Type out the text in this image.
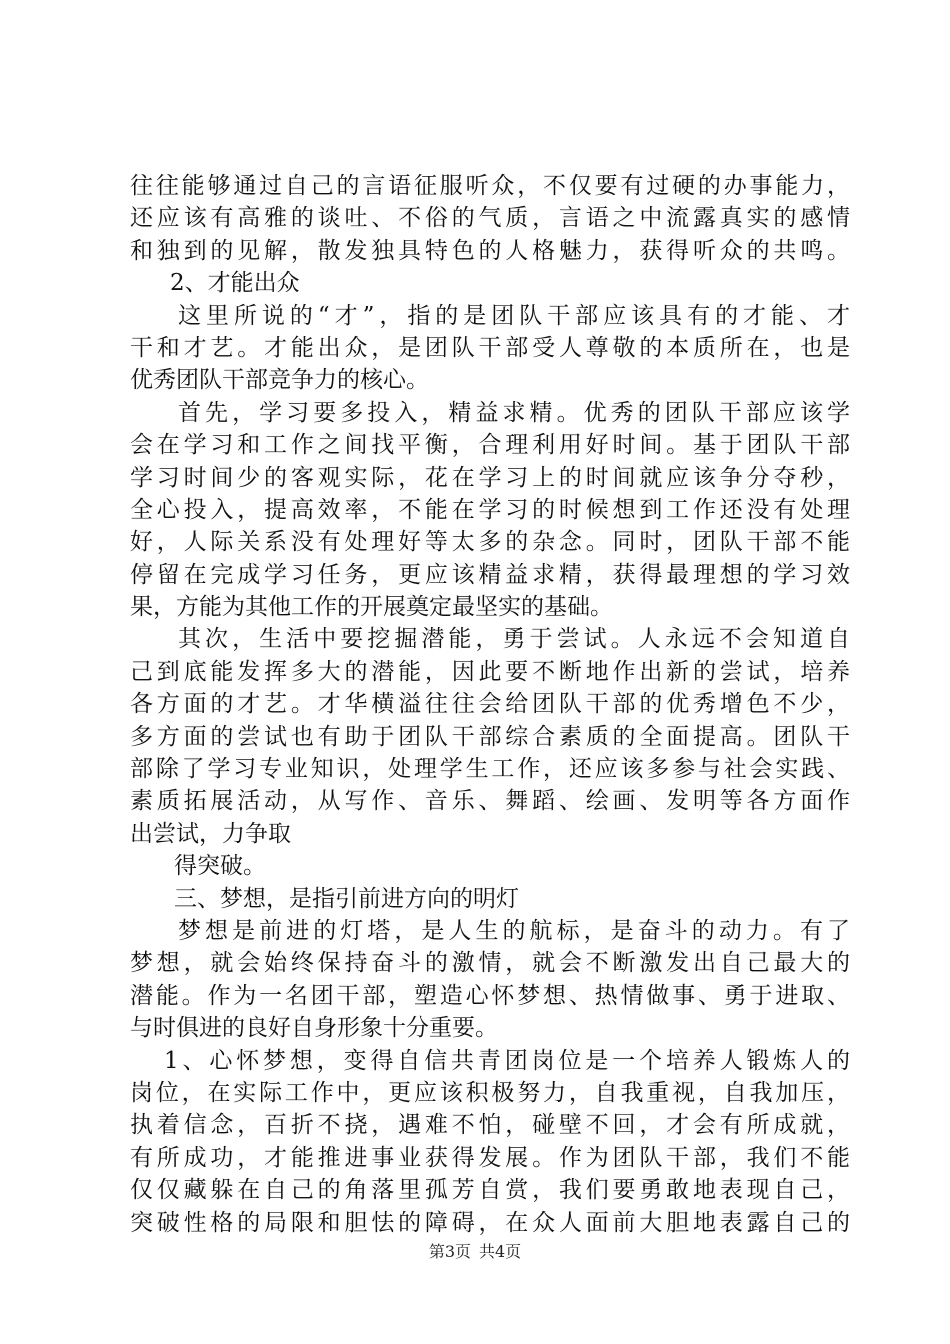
往往能够通过自己的言语征服听众，不仅要有过硬的办事能力，
还应该有高雅的谈吐、不俗的气质，言语之中流露真实的感情
和独到的见解，散发独具特色的人格魅力，获得听众的共鸣。
2、才能出众
这里所说的“才”，指的是团队干部应该具有的才能、才
干和才艺。才能出众，是团队干部受人尊敬的本质所在，也是
优秀团队干部竞争力的核心。
首先，学习要多投入，精益求精。优秀的团队干部应该学
会在学习和工作之间找平衡，合理利用好时间。基于团队干部
学习时间少的客观实际，花在学习上的时间就应该争分夺秒，
全心投入，提高效率，不能在学习的时候想到工作还没有处理
好，人际关系没有处理好等太多的杂念。同时，团队干部不能
停留在完成学习任务，更应该精益求精，获得最理想的学习效
果，方能为其他工作的开展奠定最坚实的基础。
其次，生活中要挖掘潜能，勇于尝试。人永远不会知道自
己到底能发挥多大的潜能，因此要不断地作出新的尝试，培养
各方面的才艺。才华横溢往往会给团队干部的优秀增色不少，
多方面的尝试也有助于团队干部综合素质的全面提高。团队干
部除了学习专业知识，处理学生工作，还应该多参与社会实践、
素质拓展活动，从写作、音乐、舞蹈、绘画、发明等各方面作
出尝试，力争取
得突破。
三、梦想，是指引前进方向的明灯
梦想是前进的灯塔，是人生的航标，是奋斗的动力。有了
梦想，就会始终保持奋斗的激情，就会不断激发出自己最大的
潜能。作为一名团干部，塑造心怀梦想、热情做事、勇于进取、
与时俱进的良好自身形象十分重要。
1、心怀梦想，变得自信共青团岗位是一个培养人锻炼人的
岗位，在实际工作中，更应该积极努力，自我重视，自我加压，
执着信念，百折不挠，遇难不怕，碰壁不回，才会有所成就，
有所成功，才能推进事业获得发展。作为团队干部，我们不能
仅仅藏躲在自己的角落里孤芳自赏，我们要勇敢地表现自己，
突破性格的局限和胆怯的障碍，在众人面前大胆地表露自己的
第3页 共4页
